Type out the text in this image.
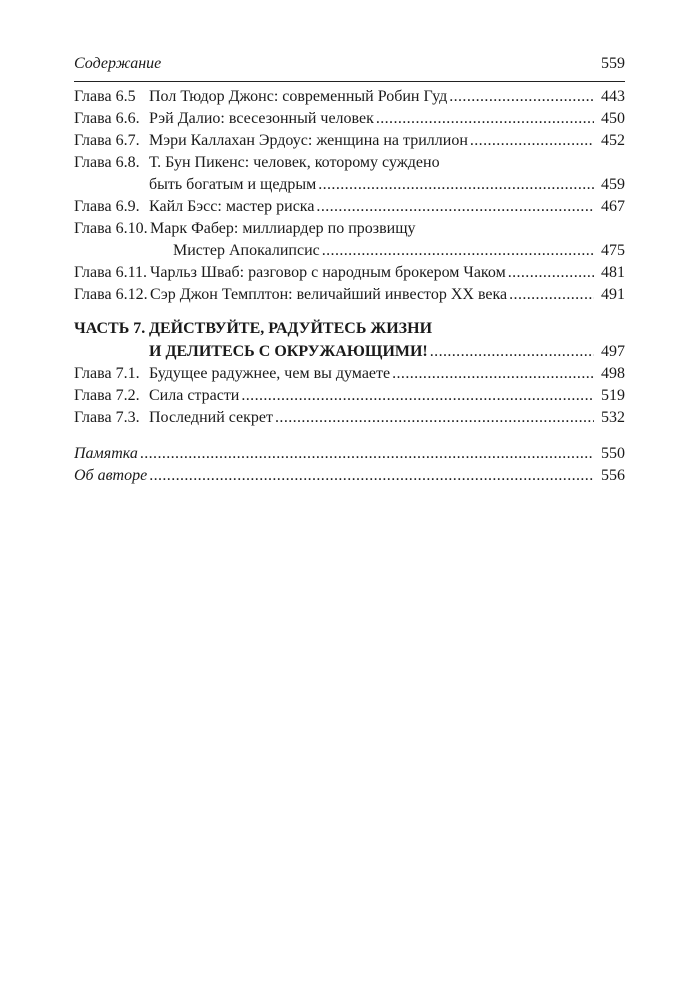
Содержание	559
Глава 6.5 Пол Тюдор Джонс: современный Робин Гуд .....	443
Глава 6.6. Рэй Далио: всесезонный человек .....	450
Глава 6.7. Мэри Каллахан Эрдоус: женщина на триллион .....	452
Глава 6.8. Т. Бун Пикенс: человек, которому суждено
быть богатым и щедрым .....	459
Глава 6.9. Кайл Бэсс: мастер риска .....	467
Глава 6.10. Марк Фабер: миллиардер по прозвищу
Мистер Апокалипсис .....	475
Глава 6.11. Чарльз Шваб: разговор с народным брокером Чаком .....	481
Глава 6.12. Сэр Джон Темплтон: величайший инвестор XX века .....	491
ЧАСТЬ 7. ДЕЙСТВУЙТЕ, РАДУЙТЕСЬ ЖИЗНИ
И ДЕЛИТЕСЬ С ОКРУЖАЮЩИМИ! .....	497
Глава 7.1. Будущее радужнее, чем вы думаете .....	498
Глава 7.2. Сила страсти .....	519
Глава 7.3. Последний секрет .....	532
Памятка .....	550
Об авторе .....	556
